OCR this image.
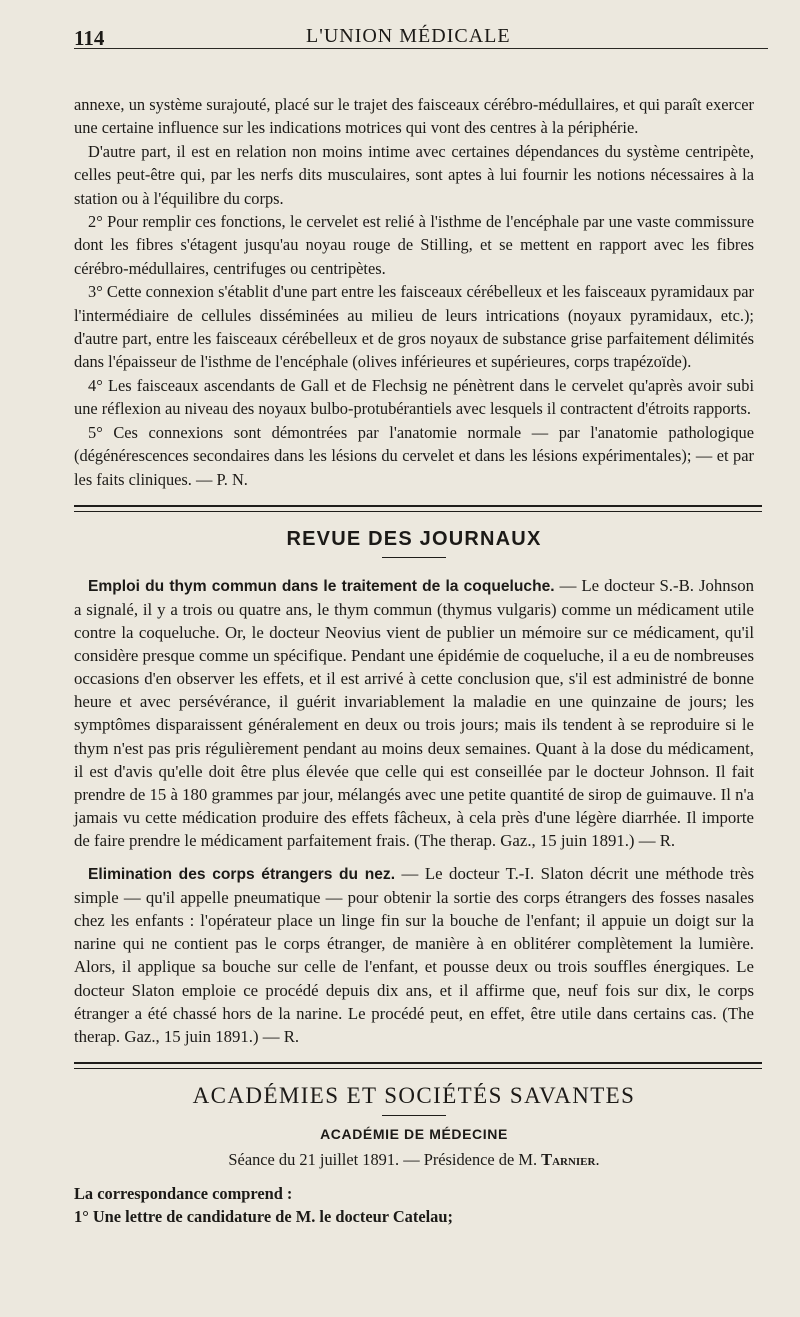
114	L'UNION MÉDICALE

annexe, un système surajouté, placé sur le trajet des faisceaux cérébro-médullaires, et qui paraît exercer une certaine influence sur les indications motrices qui vont des centres à la périphérie.

D'autre part, il est en relation non moins intime avec certaines dépendances du système centripète, celles peut-être qui, par les nerfs dits musculaires, sont aptes à lui fournir les notions nécessaires à la station ou à l'équilibre du corps.

2° Pour remplir ces fonctions, le cervelet est relié à l'isthme de l'encéphale par une vaste commissure dont les fibres s'étagent jusqu'au noyau rouge de Stilling, et se mettent en rapport avec les fibres cérébro-médullaires, centrifuges ou centripètes.

3° Cette connexion s'établit d'une part entre les faisceaux cérébelleux et les faisceaux pyramidaux par l'intermédiaire de cellules disséminées au milieu de leurs intrications (noyaux pyramidaux, etc.); d'autre part, entre les faisceaux cérébelleux et de gros noyaux de substance grise parfaitement délimités dans l'épaisseur de l'isthme de l'encéphale (olives inférieures et supérieures, corps trapézoïde).

4° Les faisceaux ascendants de Gall et de Flechsig ne pénètrent dans le cervelet qu'après avoir subi une réflexion au niveau des noyaux bulbo-protubérantiels avec lesquels il contractent d'étroits rapports.

5° Ces connexions sont démontrées par l'anatomie normale — par l'anatomie pathologique (dégénérescences secondaires dans les lésions du cervelet et dans les lésions expérimentales); — et par les faits cliniques. — P. N.

REVUE DES JOURNAUX

Emploi du thym commun dans le traitement de la coqueluche. — Le docteur S.-B. Johnson a signalé, il y a trois ou quatre ans, le thym commun (thymus vulgaris) comme un médicament utile contre la coqueluche. Or, le docteur Neovius vient de publier un mémoire sur ce médicament, qu'il considère presque comme un spécifique. Pendant une épidémie de coqueluche, il a eu de nombreuses occasions d'en observer les effets, et il est arrivé à cette conclusion que, s'il est administré de bonne heure et avec persévérance, il guérit invariablement la maladie en une quinzaine de jours; les symptômes disparaissent généralement en deux ou trois jours; mais ils tendent à se reproduire si le thym n'est pas pris régulièrement pendant au moins deux semaines. Quant à la dose du médicament, il est d'avis qu'elle doit être plus élevée que celle qui est conseillée par le docteur Johnson. Il fait prendre de 15 à 180 grammes par jour, mélangés avec une petite quantité de sirop de guimauve. Il n'a jamais vu cette médication produire des effets fâcheux, à cela près d'une légère diarrhée. Il importe de faire prendre le médicament parfaitement frais. (The therap. Gaz., 15 juin 1891.) — R.

Elimination des corps étrangers du nez. — Le docteur T.-I. Slaton décrit une méthode très simple — qu'il appelle pneumatique — pour obtenir la sortie des corps étrangers des fosses nasales chez les enfants : l'opérateur place un linge fin sur la bouche de l'enfant; il appuie un doigt sur la narine qui ne contient pas le corps étranger, de manière à en oblitérer complètement la lumière. Alors, il applique sa bouche sur celle de l'enfant, et pousse deux ou trois souffles énergiques. Le docteur Slaton emploie ce procédé depuis dix ans, et il affirme que, neuf fois sur dix, le corps étranger a été chassé hors de la narine. Le procédé peut, en effet, être utile dans certains cas. (The therap. Gaz., 15 juin 1891.) — R.

ACADÉMIES ET SOCIÉTÉS SAVANTES
ACADÉMIE DE MÉDECINE
Séance du 21 juillet 1891. — Présidence de M. Tarnier.
La correspondance comprend :
1° Une lettre de candidature de M. le docteur Catelau;
